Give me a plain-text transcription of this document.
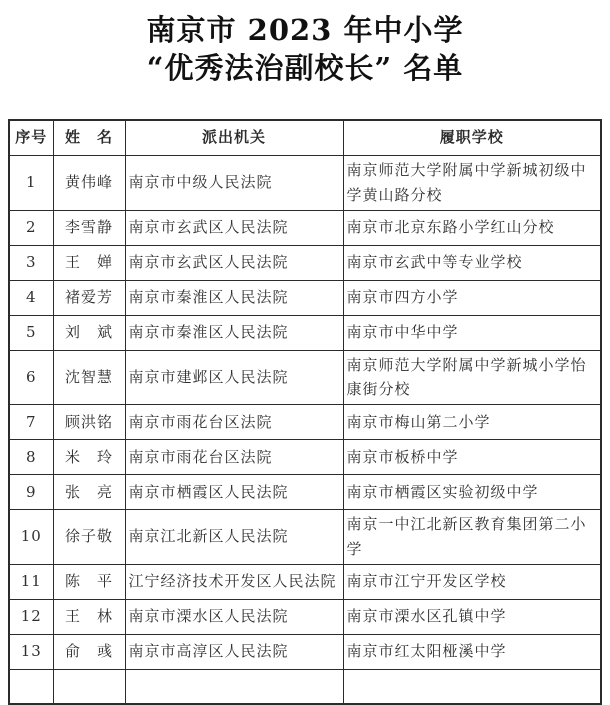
南京市 2023 年中小学
“优秀法治副校长” 名单
序号	姓　名	派出机关	履职学校
1	黄伟峰	南京市中级人民法院	南京师范大学附属中学新城初级中学黄山路分校
2	李雪静	南京市玄武区人民法院	南京市北京东路小学红山分校
3	王　婵	南京市玄武区人民法院	南京市玄武中等专业学校
4	褚爱芳	南京市秦淮区人民法院	南京市四方小学
5	刘　斌	南京市秦淮区人民法院	南京市中华中学
6	沈智慧	南京市建邺区人民法院	南京师范大学附属中学新城小学怡康街分校
7	顾洪铭	南京市雨花台区法院	南京市梅山第二小学
8	米　玲	南京市雨花台区法院	南京市板桥中学
9	张　亮	南京市栖霞区人民法院	南京市栖霞区实验初级中学
10	徐子敬	南京江北新区人民法院	南京一中江北新区教育集团第二小学
11	陈　平	江宁经济技术开发区人民法院	南京市江宁开发区学校
12	王　林	南京市溧水区人民法院	南京市溧水区孔镇中学
13	俞　彧	南京市高淳区人民法院	南京市红太阳桠溪中学
